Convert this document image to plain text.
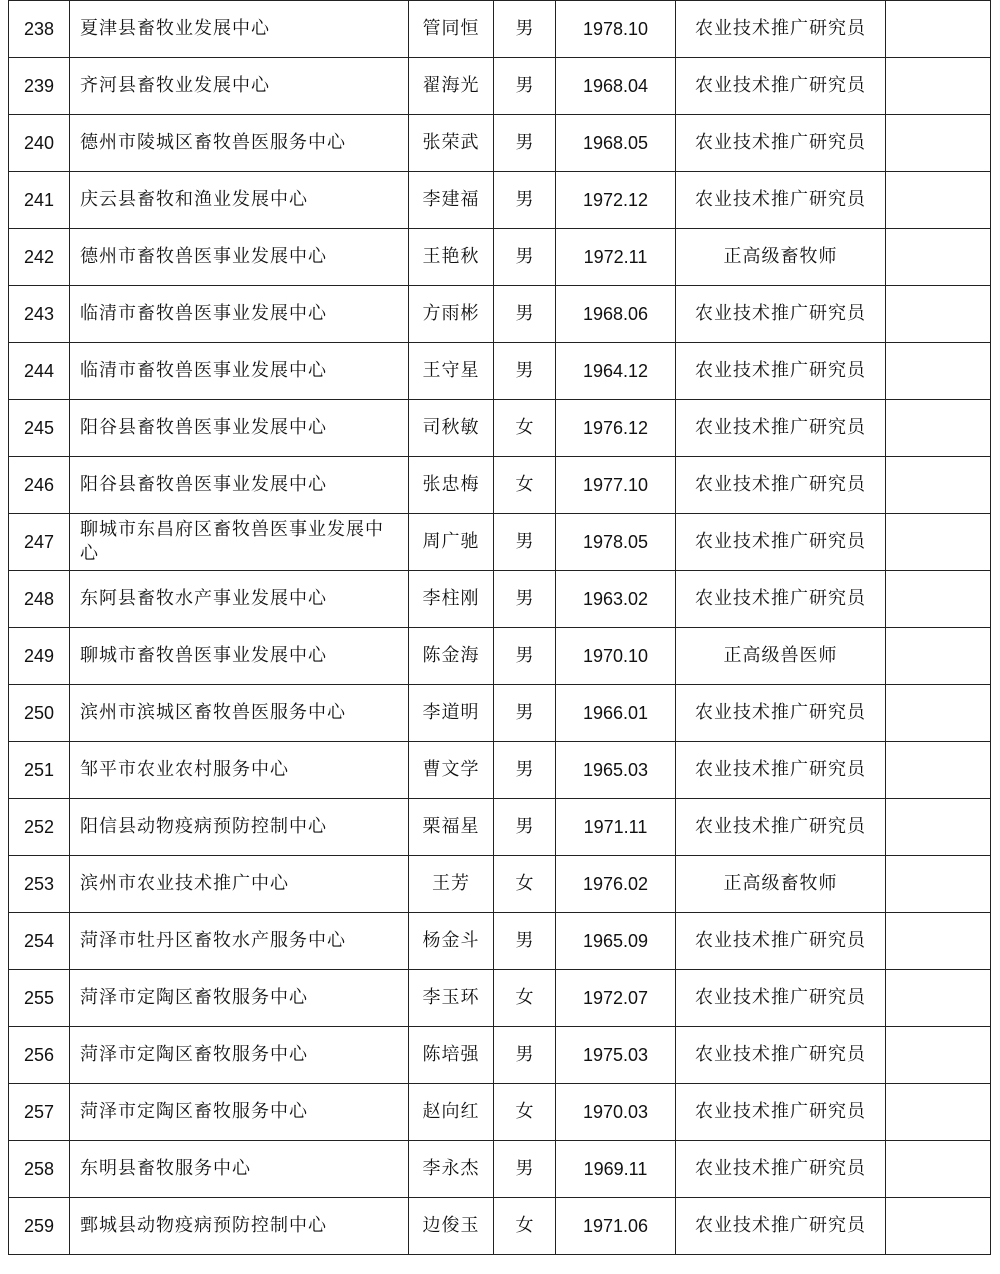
238	夏津县畜牧业发展中心	管同恒	男	1978.10	农业技术推广研究员	
239	齐河县畜牧业发展中心	翟海光	男	1968.04	农业技术推广研究员	
240	德州市陵城区畜牧兽医服务中心	张荣武	男	1968.05	农业技术推广研究员	
241	庆云县畜牧和渔业发展中心	李建福	男	1972.12	农业技术推广研究员	
242	德州市畜牧兽医事业发展中心	王艳秋	男	1972.11	正高级畜牧师	
243	临清市畜牧兽医事业发展中心	方雨彬	男	1968.06	农业技术推广研究员	
244	临清市畜牧兽医事业发展中心	王守星	男	1964.12	农业技术推广研究员	
245	阳谷县畜牧兽医事业发展中心	司秋敏	女	1976.12	农业技术推广研究员	
246	阳谷县畜牧兽医事业发展中心	张忠梅	女	1977.10	农业技术推广研究员	
247	聊城市东昌府区畜牧兽医事业发展中心	周广驰	男	1978.05	农业技术推广研究员	
248	东阿县畜牧水产事业发展中心	李柱刚	男	1963.02	农业技术推广研究员	
249	聊城市畜牧兽医事业发展中心	陈金海	男	1970.10	正高级兽医师	
250	滨州市滨城区畜牧兽医服务中心	李道明	男	1966.01	农业技术推广研究员	
251	邹平市农业农村服务中心	曹文学	男	1965.03	农业技术推广研究员	
252	阳信县动物疫病预防控制中心	栗福星	男	1971.11	农业技术推广研究员	
253	滨州市农业技术推广中心	王芳	女	1976.02	正高级畜牧师	
254	菏泽市牡丹区畜牧水产服务中心	杨金斗	男	1965.09	农业技术推广研究员	
255	菏泽市定陶区畜牧服务中心	李玉环	女	1972.07	农业技术推广研究员	
256	菏泽市定陶区畜牧服务中心	陈培强	男	1975.03	农业技术推广研究员	
257	菏泽市定陶区畜牧服务中心	赵向红	女	1970.03	农业技术推广研究员	
258	东明县畜牧服务中心	李永杰	男	1969.11	农业技术推广研究员	
259	鄄城县动物疫病预防控制中心	边俊玉	女	1971.06	农业技术推广研究员	
